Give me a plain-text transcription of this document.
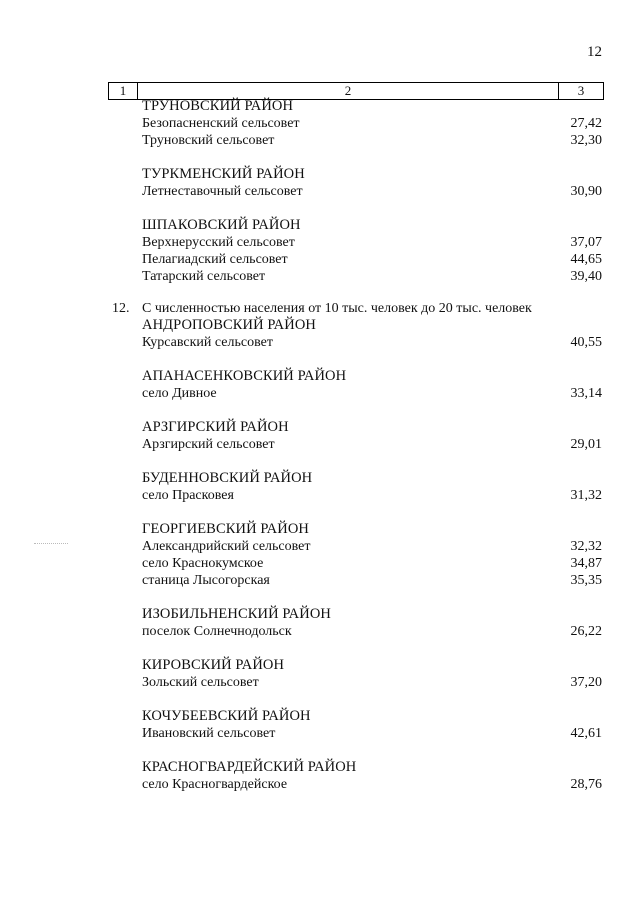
12
1	2	3
ТРУНОВСКИЙ РАЙОН
Безопасненский сельсовет	27,42
Труновский сельсовет	32,30
ТУРКМЕНСКИЙ РАЙОН
Летнеставочный сельсовет	30,90
ШПАКОВСКИЙ РАЙОН
Верхнерусский сельсовет	37,07
Пелагиадский сельсовет	44,65
Татарский сельсовет	39,40
12. С численностью населения от 10 тыс. человек до 20 тыс. человек
АНДРОПОВСКИЙ РАЙОН
Курсавский сельсовет	40,55
АПАНАСЕНКОВСКИЙ РАЙОН
село Дивное	33,14
АРЗГИРСКИЙ РАЙОН
Арзгирский сельсовет	29,01
БУДЕННОВСКИЙ РАЙОН
село Прасковея	31,32
ГЕОРГИЕВСКИЙ РАЙОН
Александрийский сельсовет	32,32
село Краснокумское	34,87
станица Лысогорская	35,35
ИЗОБИЛЬНЕНСКИЙ РАЙОН
поселок Солнечнодольск	26,22
КИРОВСКИЙ РАЙОН
Зольский сельсовет	37,20
КОЧУБЕЕВСКИЙ РАЙОН
Ивановский сельсовет	42,61
КРАСНОГВАРДЕЙСКИЙ РАЙОН
село Красногвардейское	28,76
